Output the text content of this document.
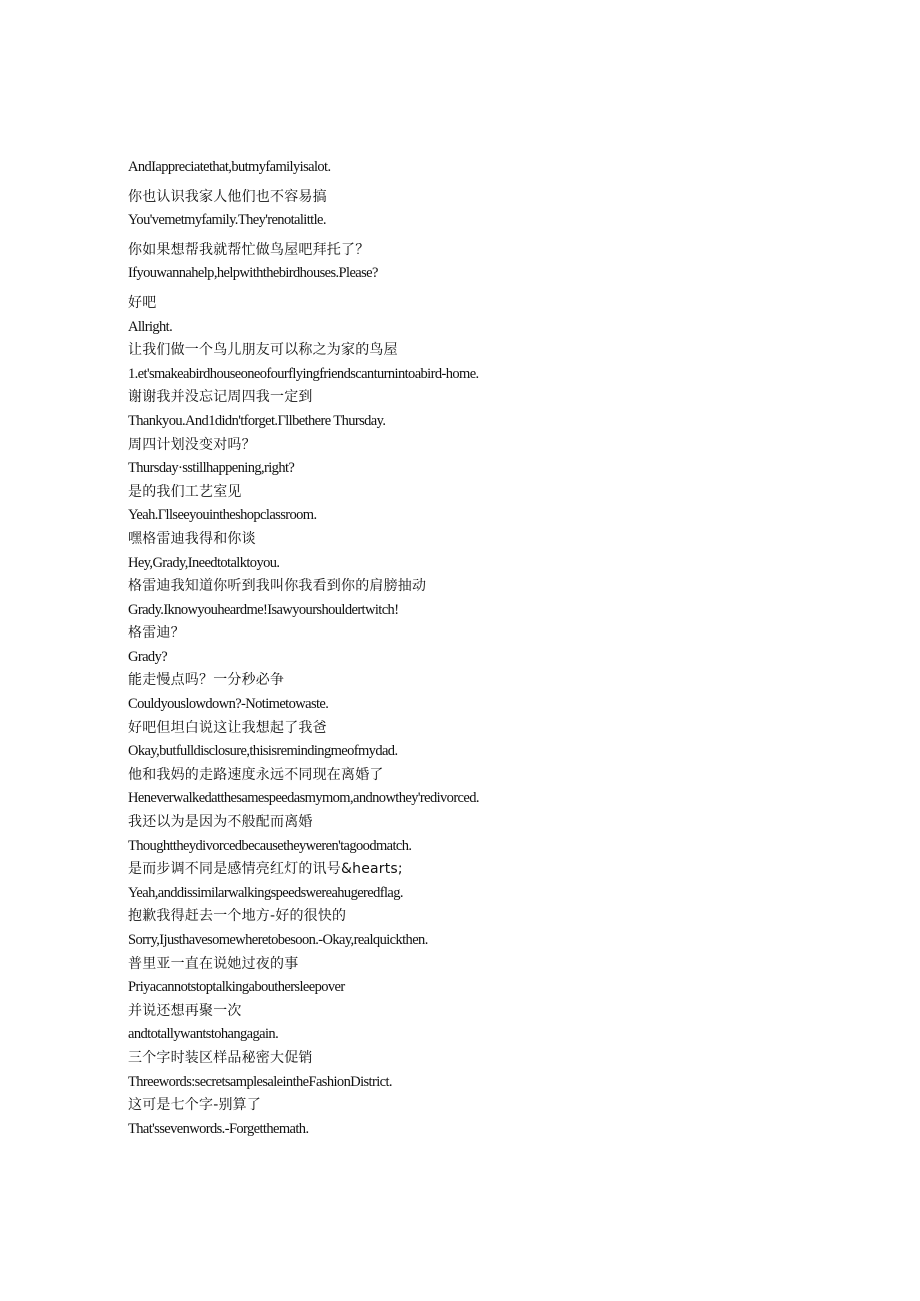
AndIappreciatethat,butmyfamilyisalot.
你也认识我家人他们也不容易搞
You'vemetmyfamily.They'renotalittle.
你如果想帮我就帮忙做鸟屋吧拜托了？
Ifyouwannahelp,helpwiththebirdhouses.Please?
好吧
Allright.
让我们做一个鸟儿朋友可以称之为家的鸟屋
1.et'smakeabirdhouseoneofourflyingfriendscanturnintoabird-home.
谢谢我并没忘记周四我一定到
Thankyou.And1didn'tforget.Γllbethere Thursday.
周四计划没变对吗？
Thursday·sstillhappening,right?
是的我们工艺室见
Yeah.Γllseeyouintheshopclassroom.
嘿格雷迪我得和你谈
Hey,Grady,Ineedtotalktoyou.
格雷迪我知道你听到我叫你我看到你的肩膀抽动
Grady.Iknowyouheardme!Isawyourshouldertwitch!
格雷迪？
Grady?
能走慢点吗？一分秒必争
Couldyouslowdown?-Notimetowaste.
好吧但坦白说这让我想起了我爸
Okay,butfulldisclosure,thisisremindingmeofmydad.
他和我妈的走路速度永远不同现在离婚了
Heneverwalkedatthesamespeedasmymom,andnowthey'redivorced.
我还以为是因为不般配而离婚
Thoughttheydivorcedbecausetheyweren'tagoodmatch.
是而步调不同是感情亮红灯的讯号&hearts;
Yeah,anddissimilarwalkingspeedswereahugeredflag.
抱歉我得赶去一个地方-好的很快的
Sorry,Ijusthavesomewheretobesoon.-Okay,realquickthen.
普里亚一直在说她过夜的事
Priyacannotstoptalkingabouthersleepover
并说还想再聚一次
andtotallywantstohangagain.
三个字时装区样品秘密大促销
Threewords:secretsamplesaleintheFashionDistrict.
这可是七个字-别算了
That'ssevenwords.-Forgetthemath.
